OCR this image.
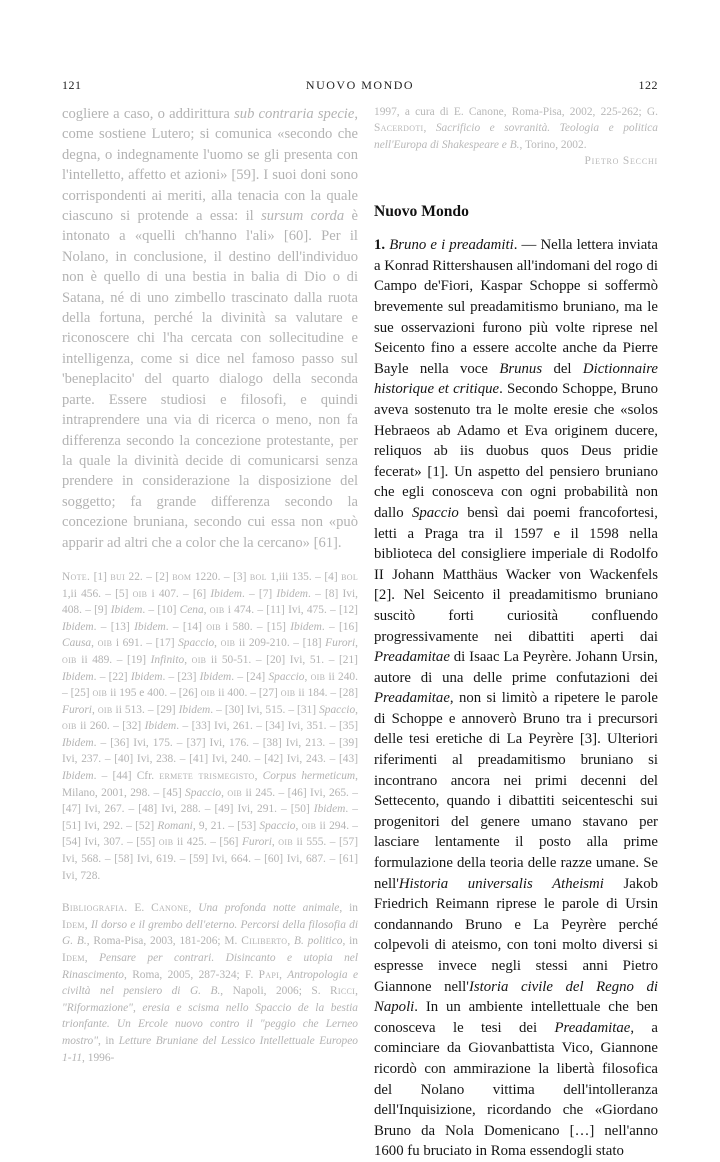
NUOVO MONDO
121	122
cogliere a caso, o addirittura sub contraria specie, come sostiene Lutero; si comunica «secondo che degna, o indegnamente l'uomo se gli presenta con l'intelletto, affetto et azioni» [59]. I suoi doni sono corrispondenti ai meriti, alla tenacia con la quale ciascuno si protende a essa: il sursum corda è intonato a «quelli ch'hanno l'ali» [60]. Per il Nolano, in conclusione, il destino dell'individuo non è quello di una bestia in balia di Dio o di Satana, né di uno zimbello trascinato dalla ruota della fortuna, perché la divinità sa valutare e riconoscere chi l'ha cercata con sollecitudine e intelligenza, come si dice nel famoso passo sul 'beneplacito' del quarto dialogo della seconda parte. Essere studiosi e filosofi, e quindi intraprendere una via di ricerca o meno, non fa differenza secondo la concezione protestante, per la quale la divinità decide di comunicarsi senza prendere in considerazione la disposizione del soggetto; fa grande differenza secondo la concezione bruniana, secondo cui essa non «può apparir ad altri che a color che la cercano» [61].
Note. [1] bui 22. – [2] bom 1220. – [3] bol 1,iii 135. – [4] bol 1,ii 456. – [5] oib i 407. – [6] Ibidem. – [7] Ibidem. – [8] Ivi, 408. – [9] Ibidem. – [10] Cena, oib i 474. – [11] Ivi, 475. – [12] Ibidem. – [13] Ibidem. – [14] oib i 580. – [15] Ibidem. – [16] Causa, oib i 691. – [17] Spaccio, oib ii 209-210. – [18] Furori, oib ii 489. – [19] Infinito, oib ii 50-51. – [20] Ivi, 51. – [21] Ibidem. – [22] Ibidem. – [23] Ibidem. – [24] Spaccio, oib ii 240. – [25] oib ii 195 e 400. – [26] oib ii 400. – [27] oib ii 184. – [28] Furori, oib ii 513. – [29] Ibidem. – [30] Ivi, 515. – [31] Spaccio, oib ii 260. – [32] Ibidem. – [33] Ivi, 261. – [34] Ivi, 351. – [35] Ibidem. – [36] Ivi, 175. – [37] Ivi, 176. – [38] Ivi, 213. – [39] Ivi, 237. – [40] Ivi, 238. – [41] Ivi, 240. – [42] Ivi, 243. – [43] Ibidem. – [44] Cfr. ermete trismegisto, Corpus hermeticum, Milano, 2001, 298. – [45] Spaccio, oib ii 245. – [46] Ivi, 265. – [47] Ivi, 267. – [48] Ivi, 288. – [49] Ivi, 291. – [50] Ibidem. – [51] Ivi, 292. – [52] Romani, 9, 21. – [53] Spaccio, oib ii 294. – [54] Ivi, 307. – [55] oib ii 425. – [56] Furori, oib ii 555. – [57] Ivi, 568. – [58] Ivi, 619. – [59] Ivi, 664. – [60] Ivi, 687. – [61] Ivi, 728.
Bibliografia. E. Canone, Una profonda notte animale, in Idem, Il dorso e il grembo dell'eterno. Percorsi della filosofia di G. B., Roma-Pisa, 2003, 181-206; M. Ciliberto, B. politico, in Idem, Pensare per contrari. Disincanto e utopia nel Rinascimento, Roma, 2005, 287-324; F. Papi, Antropologia e civiltà nel pensiero di G. B., Napoli, 2006; S. Ricci, "Riformazione", eresia e scisma nello Spaccio de la bestia trionfante. Un Ercole nuovo contro il "peggio che Lerneo mostro", in Letture Bruniane del Lessico Intellettuale Europeo 1-11, 1996-
1997, a cura di E. Canone, Roma-Pisa, 2002, 225-262; G. Sacerdoti, Sacrificio e sovranità. Teologia e politica nell'Europa di Shakespeare e B., Torino, 2002.
Pietro Secchi
Nuovo Mondo
1. Bruno e i preadamiti. — Nella lettera inviata a Konrad Rittershausen all'indomani del rogo di Campo de'Fiori, Kaspar Schoppe si soffermò brevemente sul preadamitismo bruniano, ma le sue osservazioni furono più volte riprese nel Seicento fino a essere accolte anche da Pierre Bayle nella voce Brunus del Dictionnaire historique et critique. Secondo Schoppe, Bruno aveva sostenuto tra le molte eresie che «solos Hebraeos ab Adamo et Eva originem ducere, reliquos ab iis duobus quos Deus pridie fecerat» [1]. Un aspetto del pensiero bruniano che egli conosceva con ogni probabilità non dallo Spaccio bensì dai poemi francofortesi, letti a Praga tra il 1597 e il 1598 nella biblioteca del consigliere imperiale di Rodolfo II Johann Matthäus Wacker von Wackenfels [2]. Nel Seicento il preadamitismo bruniano suscitò forti curiosità confluendo progressivamente nei dibattiti aperti dai Preadamitae di Isaac La Peyrère. Johann Ursin, autore di una delle prime confutazioni dei Preadamitae, non si limitò a ripetere le parole di Schoppe e annoverò Bruno tra i precursori delle tesi eretiche di La Peyrère [3]. Ulteriori riferimenti al preadamitismo bruniano si incontrano ancora nei primi decenni del Settecento, quando i dibattiti seicenteschi sui progenitori del genere umano stavano per lasciare lentamente il posto alla prime formulazione della teoria delle razze umane. Se nell'Historia universalis Atheismi Jakob Friedrich Reimann riprese le parole di Ursin condannando Bruno e La Peyrère perché colpevoli di ateismo, con toni molto diversi si espresse invece negli stessi anni Pietro Giannone nell'Istoria civile del Regno di Napoli. In un ambiente intellettuale che ben conosceva le tesi dei Preadamitae, a cominciare da Giovanbattista Vico, Giannone ricordò con ammirazione la libertà filosofica del Nolano vittima dell'intolleranza dell'Inquisizione, ricordando che «Giordano Bruno da Nola Domenicano […] nell'anno 1600 fu bruciato in Roma essendogli stato
